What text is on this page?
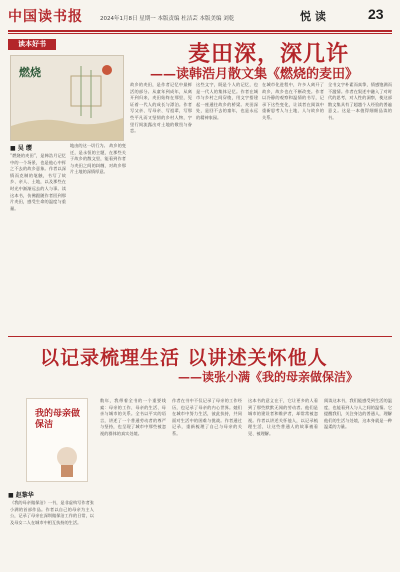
中国读书报	2024年1月8日 星期一 本版责编 杜洁芸 本版美编 刘乾	悦 读	23
读本好书	麦田深，深几许
——读韩浩月散文集《燃烧的麦田》
燃烧
■ 吴 缨
“燃烧的麦田”，是韩浩月记忆中的一个场景，也是他心中挥之不去的故乡意象。作者以深情而克制的笔触，书写了故乡、亲人、土地，以及那些在时光中渐渐远去的人与事。读这本书，仿佛跟随作者回到那片麦田，感受生命的温度与重量。
地由的这一切行为。 故乡的变迁，是永恒的主题，在那些关于故乡的散文里，能看到作者与麦田之间的纠缠、对故乡那片土地的深情厚意。
故乡的麦田，是作者记忆中最鲜活的部分。从童年到成年，从离开到归来，麦田始终在那里，见证着一代人的成长与漂泊。作者写父亲、写母亲、写祖辈，写那些平凡而又坚韧的乡村人物，字里行间流露出对土地的敬畏与眷恋。
这些文字，既是个人的记忆，也是一代人的集体记忆。作者在城市与乡村之间穿梭，用文字搭建起一座通往故乡的桥梁。麦田深处，是回不去的童年，也是永远的精神家园。
在城市化进程中，许多人离开了故乡，故乡也在不断改变。作者以冷静的观察和温情的书写，记录下这些变化，让读者在阅读中重新思考人与土地、人与故乡的关系。
全书文字朴素而真挚，情感饱满而不滥情。作者在叙述中融入了对时代的思考，对人性的洞察，使这部散文集具有了超越个人经验的普遍意义。这是一本值得细细品读的书。
以记录梳理生活 以讲述关怀他人
——读张小满《我的母亲做保洁》
我的母亲做保洁
■ 赵黎华
《我的母亲做保洁》一书，是非虚构写作者张小满的首部作品。作者以自己的母亲为主人公，记录了母亲在深圳做保洁工作的日常，以及母女二人在城市中相互扶持的生活。
数年，我带着全书的一个重要线索：母亲的工作、母亲的生活、母亲与城市的关系。全书以平实的语言，讲述了一个普通劳动者的尊严与坚持，也呈现了城市中那些被忽视的群体的真实处境。
作者在书中不仅记录了母亲的工作经历，也记录了母亲的内心世界。她们在城市中努力生活，彼此扶持，共同面对生活中的困难与挑战。作者通过记录，重新梳理了自己与母亲的关系。
这本书的意义在于，它让更多的人看到了那些默默无闻的劳动者。他们是城市的建设者和维护者，却常常被忽视。作者以讲述关怀他人，以记录梳理生活，让这些普通人的故事被看见、被理解。
阅读这本书，我们能感受到生活的温度，也能看到人与人之间的温情。它提醒我们，关注身边的普通人，理解他们的生活与处境，这本身就是一种温柔的力量。
